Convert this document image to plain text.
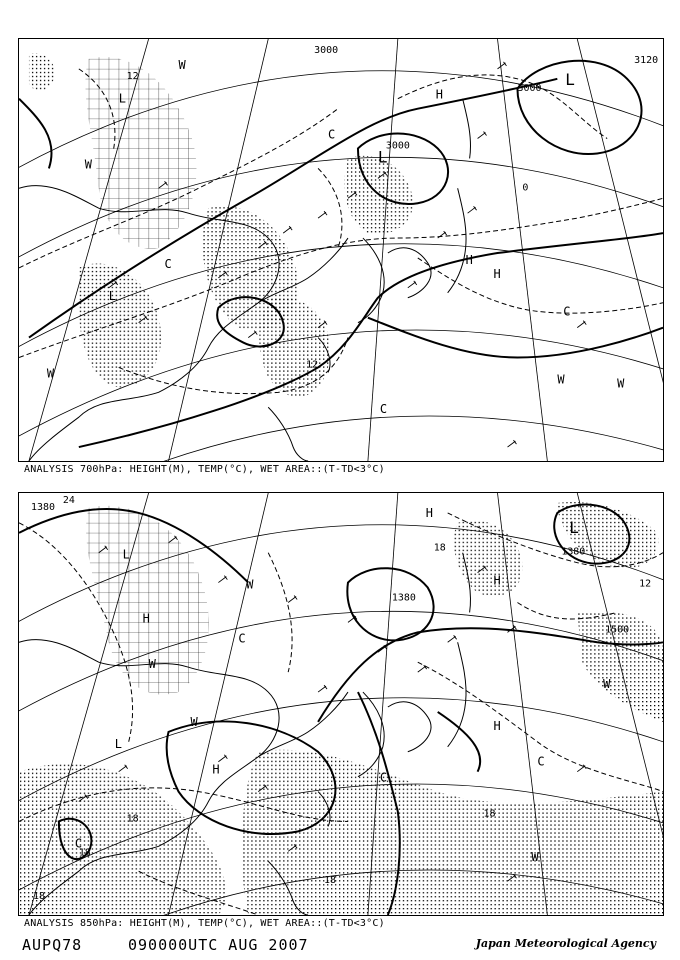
3000
3000
3000
3120
12
12
0
L
L
L
L
H
H
H
C
C
C
C
W
W
W
W
W
ANALYSIS 700hPa: HEIGHT(M), TEMP(°C), WET AREA::(T-TD<3°C)
1380
1380
1500
1380
24
18
18
18
18
18
12
18
L
L
L
H
H
H
H
H
C
C
C
C
W
W
W
W
W
ANALYSIS 850hPa: HEIGHT(M), TEMP(°C), WET AREA::(T-TD<3°C)
AUPQ78	090000UTC AUG 2007	Japan Meteorological Agency
